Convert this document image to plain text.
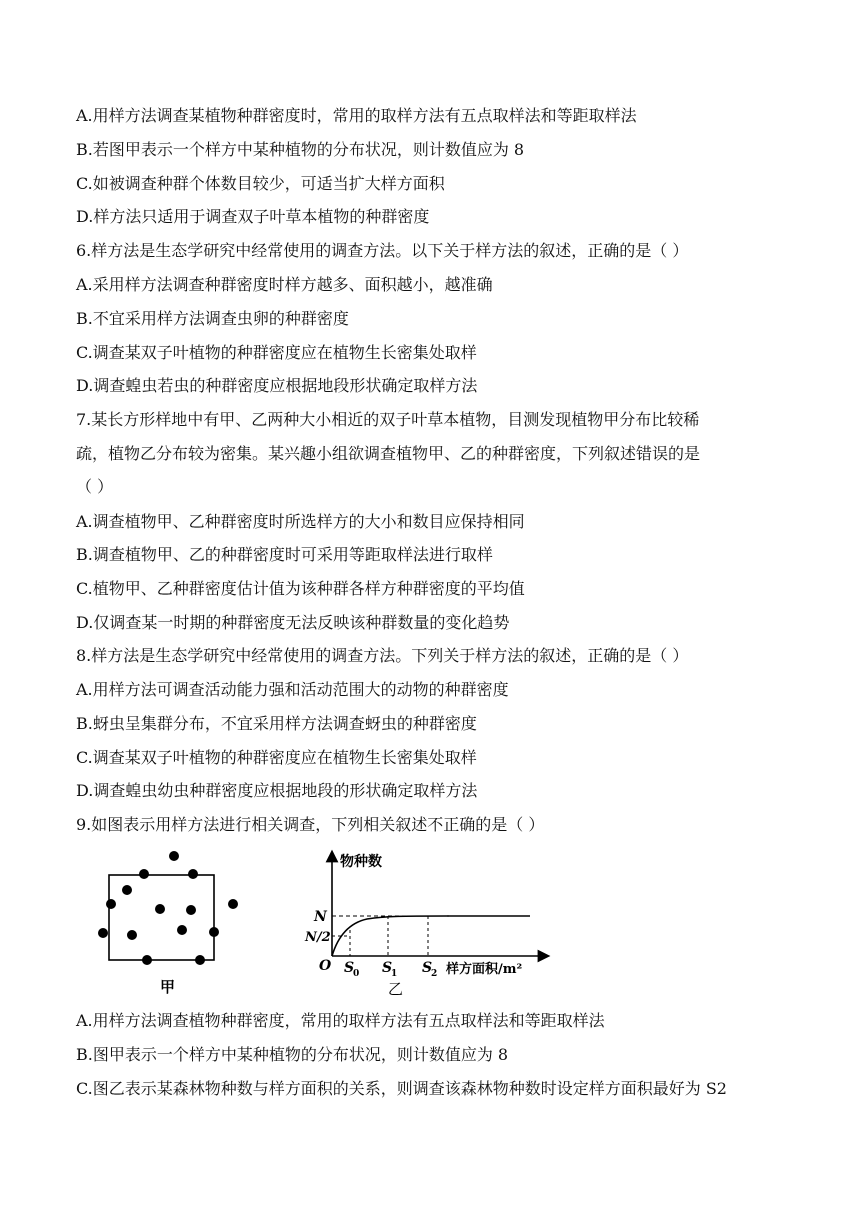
A.用样方法调查某植物种群密度时，常用的取样方法有五点取样法和等距取样法
B.若图甲表示一个样方中某种植物的分布状况，则计数值应为 8
C.如被调查种群个体数目较少，可适当扩大样方面积
D.样方法只适用于调查双子叶草本植物的种群密度
6.样方法是生态学研究中经常使用的调查方法。以下关于样方法的叙述，正确的是（ ）
A.采用样方法调查种群密度时样方越多、面积越小，越准确
B.不宜采用样方法调查虫卵的种群密度
C.调查某双子叶植物的种群密度应在植物生长密集处取样
D.调查蝗虫若虫的种群密度应根据地段形状确定取样方法
7.某长方形样地中有甲、乙两种大小相近的双子叶草本植物，目测发现植物甲分布比较稀
疏，植物乙分布较为密集。某兴趣小组欲调查植物甲、乙的种群密度，下列叙述错误的是
（ ）
A.调查植物甲、乙种群密度时所选样方的大小和数目应保持相同
B.调查植物甲、乙的种群密度时可采用等距取样法进行取样
C.植物甲、乙种群密度估计值为该种群各样方种群密度的平均值
D.仅调查某一时期的种群密度无法反映该种群数量的变化趋势
8.样方法是生态学研究中经常使用的调查方法。下列关于样方法的叙述，正确的是（ ）
A.用样方法可调查活动能力强和活动范围大的动物的种群密度
B.蚜虫呈集群分布，不宜采用样方法调查蚜虫的种群密度
C.调查某双子叶植物的种群密度应在植物生长密集处取样
D.调查蝗虫幼虫种群密度应根据地段的形状确定取样方法
9.如图表示用样方法进行相关调查，下列相关叙述不正确的是（ ）
甲
物种数
N
N/2
O S
0 S
1 S
2 样方面积/m²
乙
A.用样方法调查植物种群密度，常用的取样方法有五点取样法和等距取样法
B.图甲表示一个样方中某种植物的分布状况，则计数值应为 8
C.图乙表示某森林物种数与样方面积的关系，则调查该森林物种数时设定样方面积最好为 S2
